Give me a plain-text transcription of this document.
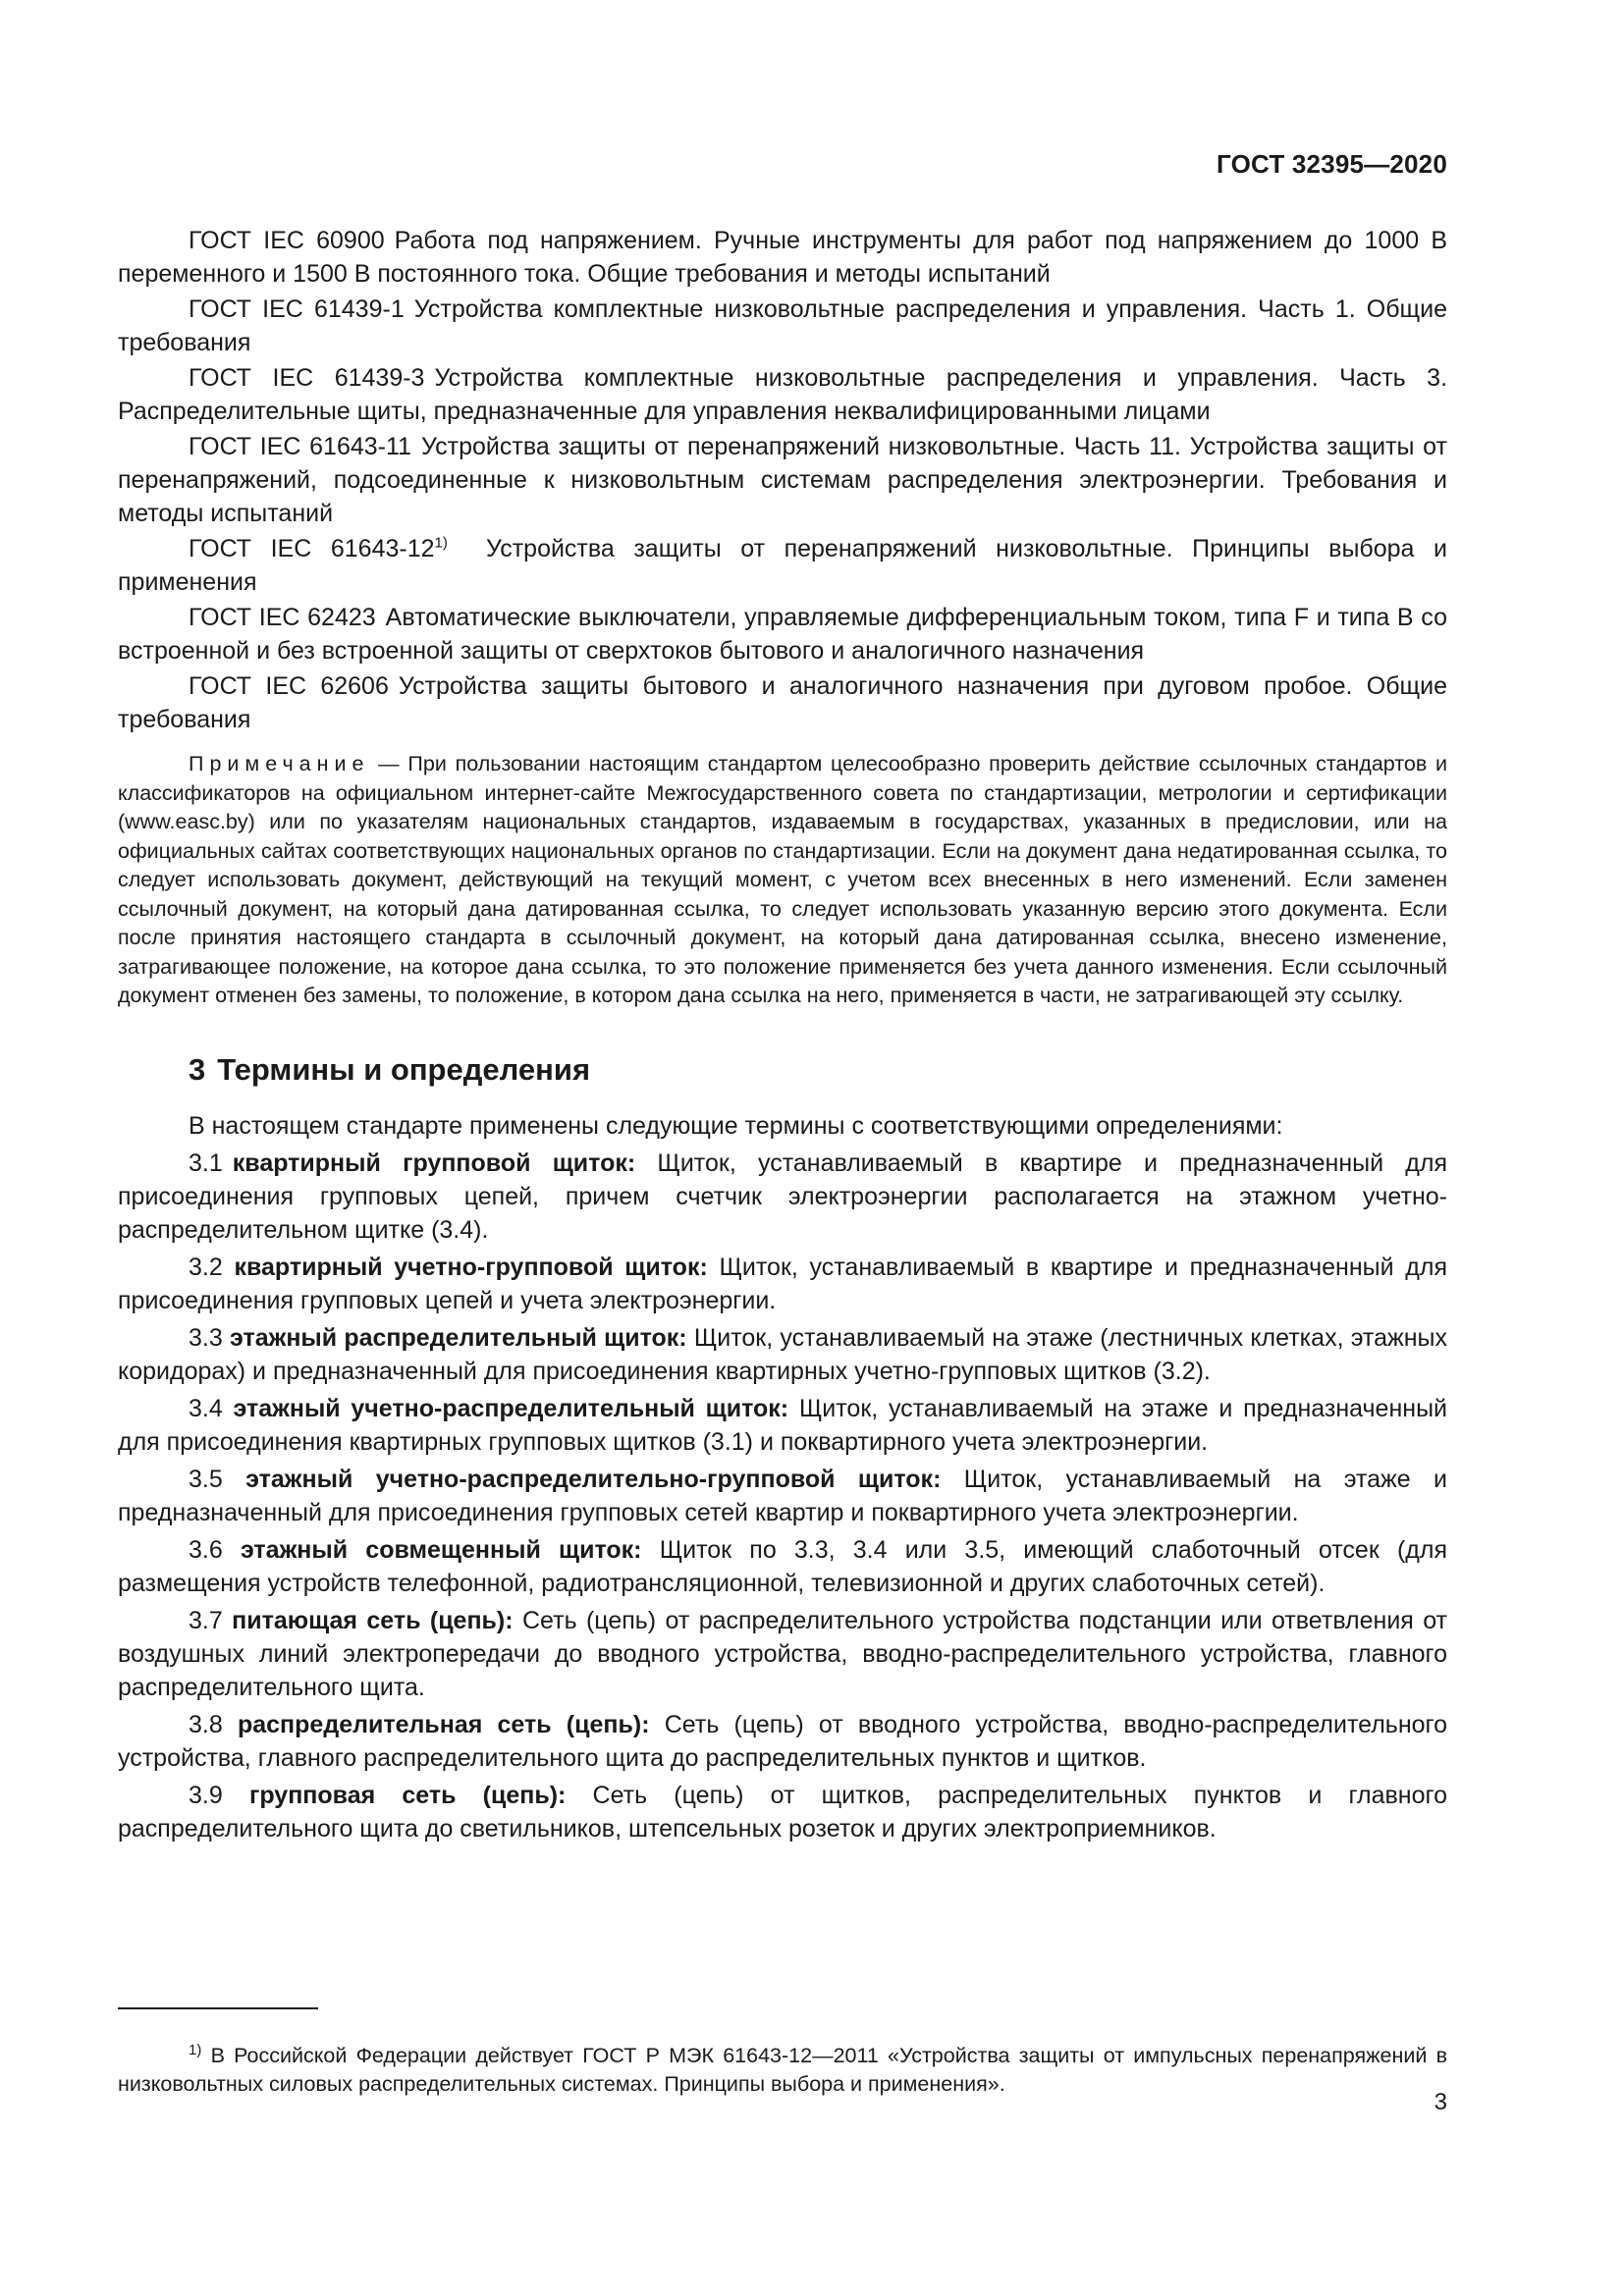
ГОСТ 32395—2020

ГОСТ IEC 60900 Работа под напряжением. Ручные инструменты для работ под напряжением до 1000 В переменного и 1500 В постоянного тока. Общие требования и методы испытаний

ГОСТ IEC 61439-1 Устройства комплектные низковольтные распределения и управления. Часть 1. Общие требования

ГОСТ IEC 61439-3 Устройства комплектные низковольтные распределения и управления. Часть 3. Распределительные щиты, предназначенные для управления неквалифицированными лицами

ГОСТ IEC 61643-11 Устройства защиты от перенапряжений низковольтные. Часть 11. Устройства защиты от перенапряжений, подсоединенные к низковольтным системам распределения электроэнергии. Требования и методы испытаний

ГОСТ IEC 61643-12$^{1)}$ Устройства защиты от перенапряжений низковольтные. Принципы выбора и применения

ГОСТ IEC 62423 Автоматические выключатели, управляемые дифференциальным током, типа F и типа B со встроенной и без встроенной защиты от сверхтоков бытового и аналогичного назначения

ГОСТ IEC 62606 Устройства защиты бытового и аналогичного назначения при дуговом пробое. Общие требования

Примечание — При пользовании настоящим стандартом целесообразно проверить действие ссылочных стандартов и классификаторов на официальном интернет-сайте Межгосударственного совета по стандартизации, метрологии и сертификации (www.easc.by) или по указателям национальных стандартов, издаваемым в государствах, указанных в предисловии, или на официальных сайтах соответствующих национальных органов по стандартизации. Если на документ дана недатированная ссылка, то следует использовать документ, действующий на текущий момент, с учетом всех внесенных в него изменений. Если заменен ссылочный документ, на который дана датированная ссылка, то следует использовать указанную версию этого документа. Если после принятия настоящего стандарта в ссылочный документ, на который дана датированная ссылка, внесено изменение, затрагивающее положение, на которое дана ссылка, то это положение применяется без учета данного изменения. Если ссылочный документ отменен без замены, то положение, в котором дана ссылка на него, применяется в части, не затрагивающей эту ссылку.

3 Термины и определения

В настоящем стандарте применены следующие термины с соответствующими определениями:

3.1 квартирный групповой щиток: Щиток, устанавливаемый в квартире и предназначенный для присоединения групповых цепей, причем счетчик электроэнергии располагается на этажном учетно-распределительном щитке (3.4).

3.2 квартирный учетно-групповой щиток: Щиток, устанавливаемый в квартире и предназначенный для присоединения групповых цепей и учета электроэнергии.

3.3 этажный распределительный щиток: Щиток, устанавливаемый на этаже (лестничных клетках, этажных коридорах) и предназначенный для присоединения квартирных учетно-групповых щитков (3.2).

3.4 этажный учетно-распределительный щиток: Щиток, устанавливаемый на этаже и предназначенный для присоединения квартирных групповых щитков (3.1) и поквартирного учета электроэнергии.

3.5 этажный учетно-распределительно-групповой щиток: Щиток, устанавливаемый на этаже и предназначенный для присоединения групповых сетей квартир и поквартирного учета электроэнергии.

3.6 этажный совмещенный щиток: Щиток по 3.3, 3.4 или 3.5, имеющий слаботочный отсек (для размещения устройств телефонной, радиотрансляционной, телевизионной и других слаботочных сетей).

3.7 питающая сеть (цепь): Сеть (цепь) от распределительного устройства подстанции или ответвления от воздушных линий электропередачи до вводного устройства, вводно-распределительного устройства, главного распределительного щита.

3.8 распределительная сеть (цепь): Сеть (цепь) от вводного устройства, вводно-распределительного устройства, главного распределительного щита до распределительных пунктов и щитков.

3.9 групповая сеть (цепь): Сеть (цепь) от щитков, распределительных пунктов и главного распределительного щита до светильников, штепсельных розеток и других электроприемников.

$^{1)}$ В Российской Федерации действует ГОСТ Р МЭК 61643-12—2011 «Устройства защиты от импульсных перенапряжений в низковольтных силовых распределительных системах. Принципы выбора и применения».

3
